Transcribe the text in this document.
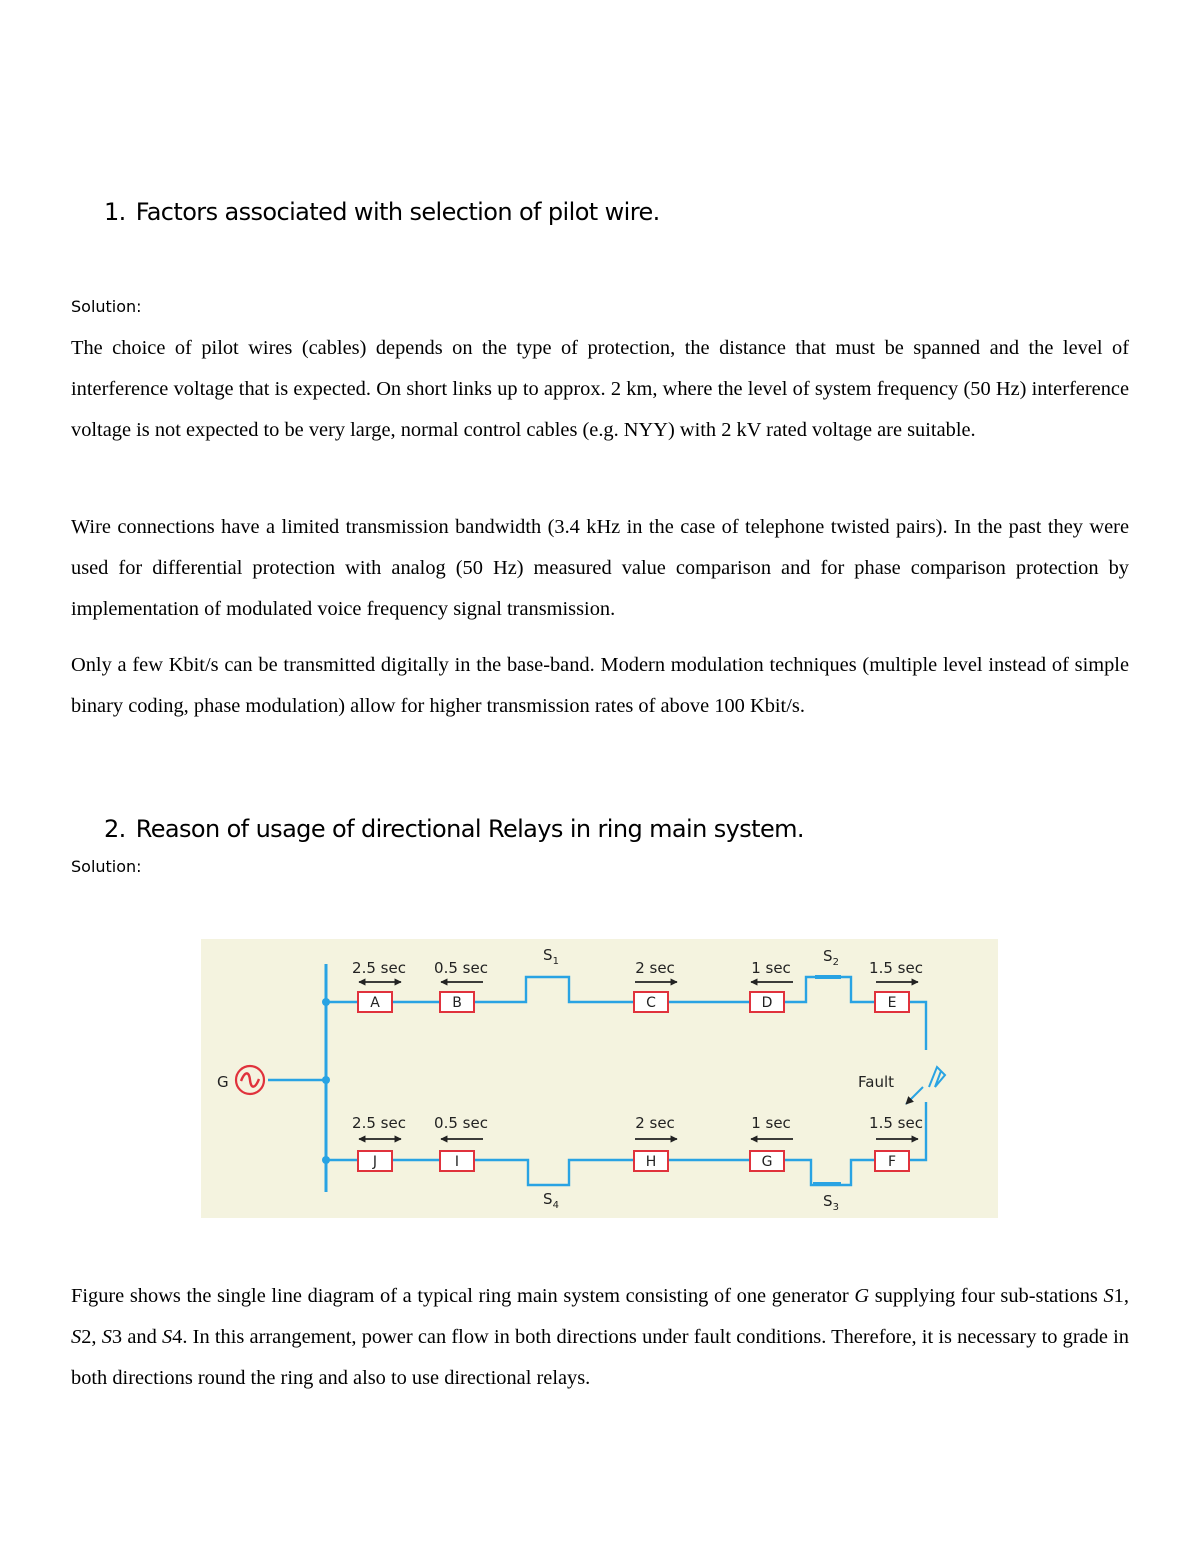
1. Factors associated with selection of pilot wire.

Solution:

The choice of pilot wires (cables) depends on the type of protection, the distance that must be spanned and the level of interference voltage that is expected. On short links up to approx. 2 km, where the level of system frequency (50 Hz) interference voltage is not expected to be very large, normal control cables (e.g. NYY) with 2 kV rated voltage are suitable.

Wire connections have a limited transmission bandwidth (3.4 kHz in the case of telephone twisted pairs). In the past they were used for differential protection with analog (50 Hz) measured value comparison and for phase comparison protection by implementation of modulated voice frequency signal transmission.

Only a few Kbit/s can be transmitted digitally in the base-band. Modern modulation techniques (multiple level instead of simple binary coding, phase modulation) allow for higher transmission rates of above 100 Kbit/s.

2. Reason of usage of directional Relays in ring main system.

Solution:

G
A
2.5 sec
B
0.5 sec
C
2 sec
D
1 sec
E
1.5 sec
J
2.5 sec
I
0.5 sec
H
2 sec
G
1 sec
F
1.5 sec
$S_1$	$S_2$
$S_3$
$S_4$
Fault

Figure shows the single line diagram of a typical ring main system consisting of one generator G supplying four sub-stations S1, S2, S3 and S4. In this arrangement, power can flow in both directions under fault conditions. Therefore, it is necessary to grade in both directions round the ring and also to use directional relays.
